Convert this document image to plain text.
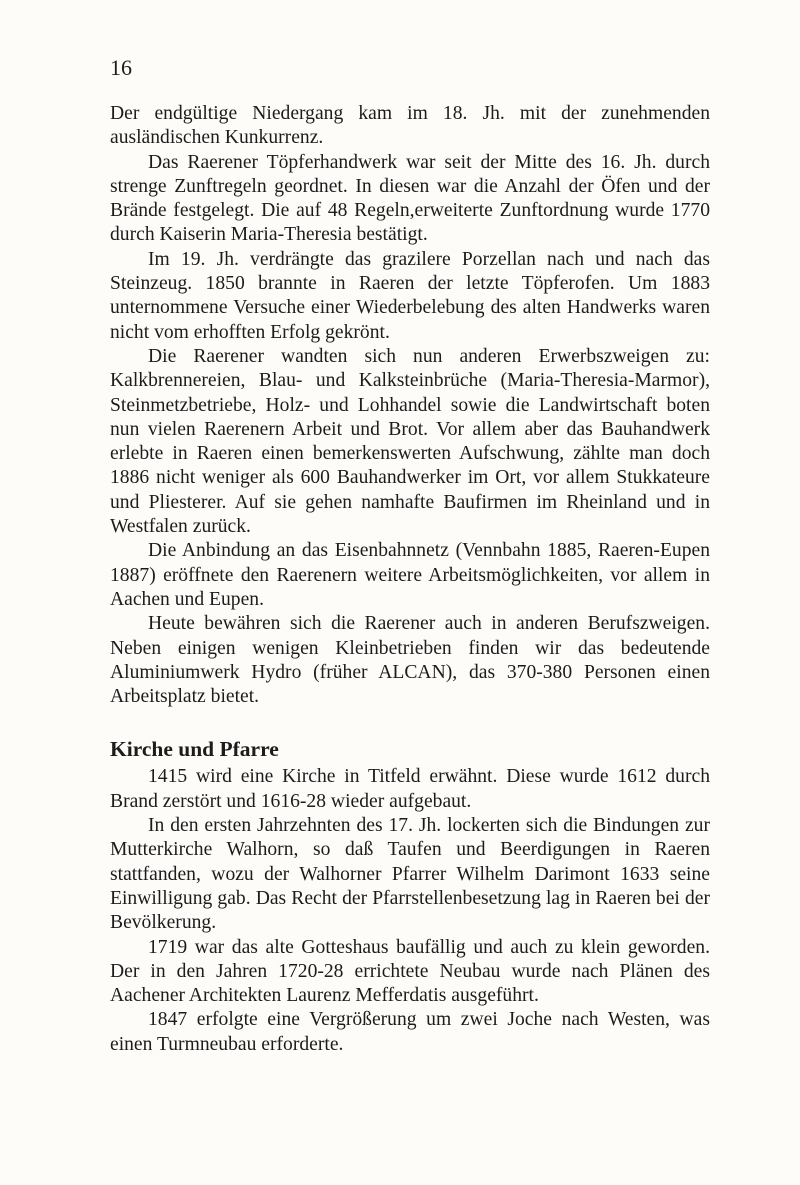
16

Der endgültige Niedergang kam im 18. Jh. mit der zunehmenden ausländischen Kunkurrenz.

Das Raerener Töpferhandwerk war seit der Mitte des 16. Jh. durch strenge Zunftregeln geordnet. In diesen war die Anzahl der Öfen und der Brände festgelegt. Die auf 48 Regeln,erweiterte Zunftordnung wurde 1770 durch Kaiserin Maria-Theresia bestätigt.

Im 19. Jh. verdrängte das grazilere Porzellan nach und nach das Steinzeug. 1850 brannte in Raeren der letzte Töpferofen. Um 1883 unternommene Versuche einer Wiederbelebung des alten Handwerks waren nicht vom erhofften Erfolg gekrönt.

Die Raerener wandten sich nun anderen Erwerbszweigen zu: Kalkbrennereien, Blau- und Kalksteinbrüche (Maria-Theresia-Marmor), Steinmetzbetriebe, Holz- und Lohhandel sowie die Landwirtschaft boten nun vielen Raerenern Arbeit und Brot. Vor allem aber das Bauhandwerk erlebte in Raeren einen bemerkenswerten Aufschwung, zählte man doch 1886 nicht weniger als 600 Bauhandwerker im Ort, vor allem Stukkateure und Pliesterer. Auf sie gehen namhafte Baufirmen im Rheinland und in Westfalen zurück.

Die Anbindung an das Eisenbahnnetz (Vennbahn 1885, Raeren-Eupen 1887) eröffnete den Raerenern weitere Arbeitsmöglichkeiten, vor allem in Aachen und Eupen.

Heute bewähren sich die Raerener auch in anderen Berufszweigen. Neben einigen wenigen Kleinbetrieben finden wir das bedeutende Aluminiumwerk Hydro (früher ALCAN), das 370-380 Personen einen Arbeitsplatz bietet.

Kirche und Pfarre

1415 wird eine Kirche in Titfeld erwähnt. Diese wurde 1612 durch Brand zerstört und 1616-28 wieder aufgebaut.

In den ersten Jahrzehnten des 17. Jh. lockerten sich die Bindungen zur Mutterkirche Walhorn, so daß Taufen und Beerdigungen in Raeren stattfanden, wozu der Walhorner Pfarrer Wilhelm Darimont 1633 seine Einwilligung gab. Das Recht der Pfarrstellenbesetzung lag in Raeren bei der Bevölkerung.

1719 war das alte Gotteshaus baufällig und auch zu klein geworden. Der in den Jahren 1720-28 errichtete Neubau wurde nach Plänen des Aachener Architekten Laurenz Mefferdatis ausgeführt.

1847 erfolgte eine Vergrößerung um zwei Joche nach Westen, was einen Turmneubau erforderte.
